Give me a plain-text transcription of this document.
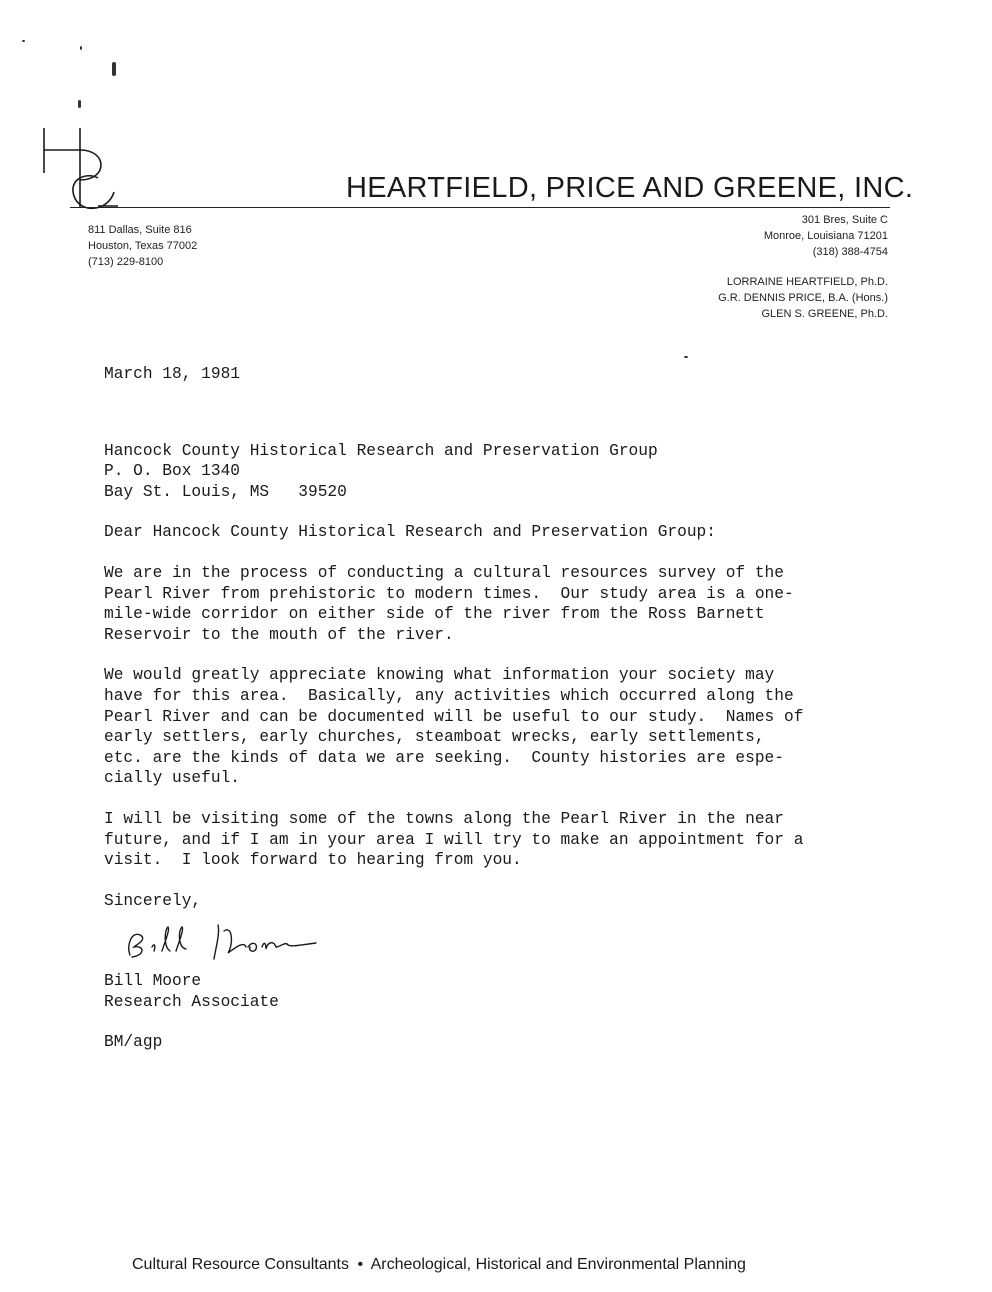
HEARTFIELD, PRICE AND GREENE, INC.
811 Dallas, Suite 816
Houston, Texas 77002
(713) 229-8100
301 Bres, Suite C
Monroe, Louisiana 71201
(318) 388-4754
LORRAINE HEARTFIELD, Ph.D.
G.R. DENNIS PRICE, B.A. (Hons.)
GLEN S. GREENE, Ph.D.

March 18, 1981

Hancock County Historical Research and Preservation Group

P. O. Box 1340

Bay St. Louis, MS   39520

Dear Hancock County Historical Research and Preservation Group:

We are in the process of conducting a cultural resources survey of the

Pearl River from prehistoric to modern times.  Our study area is a one-

mile-wide corridor on either side of the river from the Ross Barnett

Reservoir to the mouth of the river.

We would greatly appreciate knowing what information your society may

have for this area.  Basically, any activities which occurred along the

Pearl River and can be documented will be useful to our study.  Names of

early settlers, early churches, steamboat wrecks, early settlements,

etc. are the kinds of data we are seeking.  County histories are espe-

cially useful.

I will be visiting some of the towns along the Pearl River in the near

future, and if I am in your area I will try to make an appointment for a

visit.  I look forward to hearing from you.

Sincerely,

Bill Moore

Research Associate

BM/agp

Cultural Resource Consultants • Archeological, Historical and Environmental Planning
